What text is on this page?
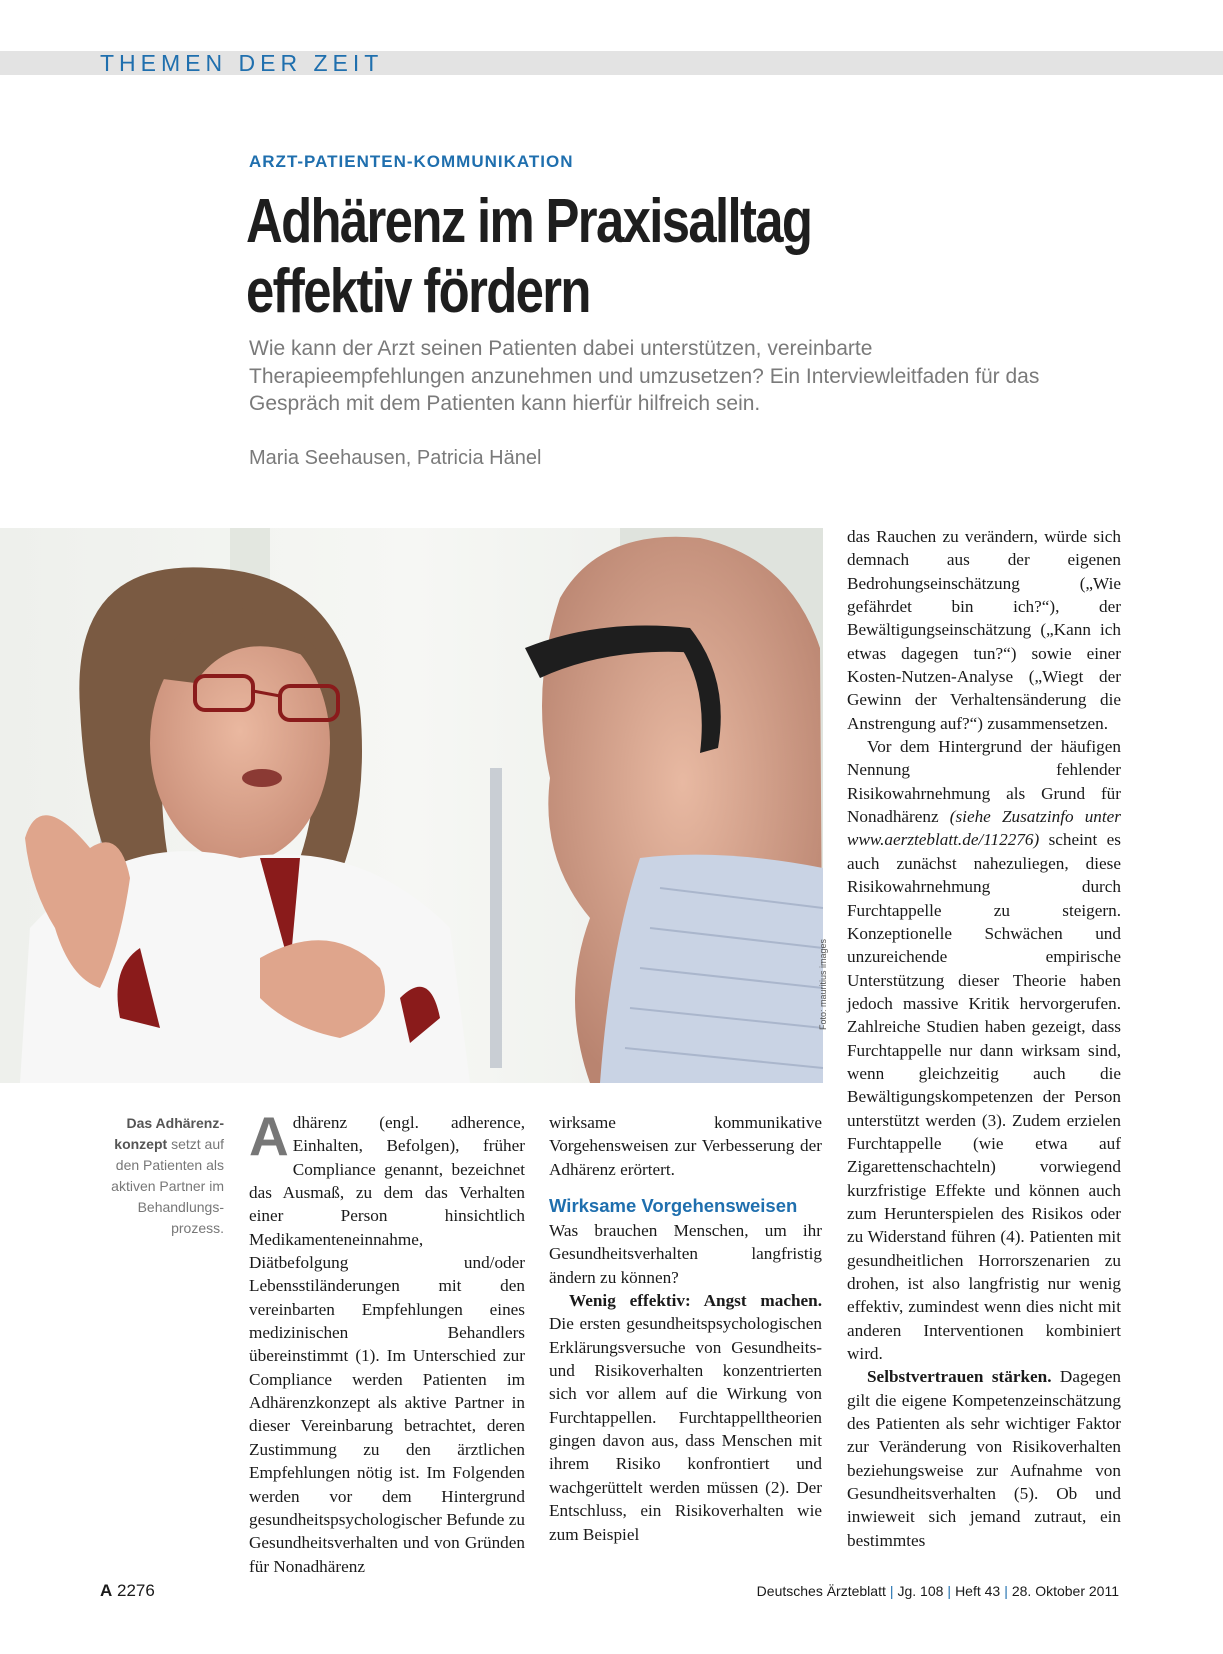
THEMEN DER ZEIT
ARZT-PATIENTEN-KOMMUNIKATION
Adhärenz im Praxisalltag
effektiv fördern
Wie kann der Arzt seinen Patienten dabei unterstützen, vereinbarte Therapieempfehlungen anzunehmen und umzusetzen? Ein Interviewleitfaden für das Gespräch mit dem Patienten kann hierfür hilfreich sein.
Maria Seehausen, Patricia Hänel
Foto: mauritius images
Das Adhärenzkonzept setzt auf den Patienten als aktiven Partner im Behandlungsprozess.

Adhärenz (engl. adherence, Einhalten, Befolgen), früher Compliance genannt, bezeichnet das Ausmaß, zu dem das Verhalten einer Person hinsichtlich Medikamenteneinnahme, Diätbefolgung und/oder Lebensstiländerungen mit den vereinbarten Empfehlungen eines medizinischen Behandlers übereinstimmt (1). Im Unterschied zur Compliance werden Patienten im Adhärenzkonzept als aktive Partner in dieser Vereinbarung betrachtet, deren Zustimmung zu den ärztlichen Empfehlungen nötig ist. Im Folgenden werden vor dem Hintergrund gesundheitspsychologischer Befunde zu Gesundheitsverhalten und von Gründen für Nonadhärenz

wirksame kommunikative Vorgehensweisen zur Verbesserung der Adhärenz erörtert.

Wirksame Vorgehensweisen

Was brauchen Menschen, um ihr Gesundheitsverhalten langfristig ändern zu können?

Wenig effektiv: Angst machen. Die ersten gesundheitspsychologischen Erklärungsversuche von Gesundheits- und Risikoverhalten konzentrierten sich vor allem auf die Wirkung von Furchtappellen. Furchtappelltheorien gingen davon aus, dass Menschen mit ihrem Risiko konfrontiert und wachgerüttelt werden müssen (2). Der Entschluss, ein Risikoverhalten wie zum Beispiel

das Rauchen zu verändern, würde sich demnach aus der eigenen Bedrohungseinschätzung („Wie gefährdet bin ich?“), der Bewältigungseinschätzung („Kann ich etwas dagegen tun?“) sowie einer Kosten-Nutzen-Analyse („Wiegt der Gewinn der Verhaltensänderung die Anstrengung auf?“) zusammensetzen.

Vor dem Hintergrund der häufigen Nennung fehlender Risikowahrnehmung als Grund für Nonadhärenz (siehe Zusatzinfo unter www.aerzteblatt.de/112276) scheint es auch zunächst nahezuliegen, diese Risikowahrnehmung durch Furchtappelle zu steigern. Konzeptionelle Schwächen und unzureichende empirische Unterstützung dieser Theorie haben jedoch massive Kritik hervorgerufen. Zahlreiche Studien haben gezeigt, dass Furchtappelle nur dann wirksam sind, wenn gleichzeitig auch die Bewältigungskompetenzen der Person unterstützt werden (3). Zudem erzielen Furchtappelle (wie etwa auf Zigarettenschachteln) vorwiegend kurzfristige Effekte und können auch zum Herunterspielen des Risikos oder zu Widerstand führen (4). Patienten mit gesundheitlichen Horrorszenarien zu drohen, ist also langfristig nur wenig effektiv, zumindest wenn dies nicht mit anderen Interventionen kombiniert wird.

Selbstvertrauen stärken. Dagegen gilt die eigene Kompetenzeinschätzung des Patienten als sehr wichtiger Faktor zur Veränderung von Risikoverhalten beziehungsweise zur Aufnahme von Gesundheitsverhalten (5). Ob und inwieweit sich jemand zutraut, ein bestimmtes

A 2276	Deutsches Ärzteblatt | Jg. 108 | Heft 43 | 28. Oktober 2011
